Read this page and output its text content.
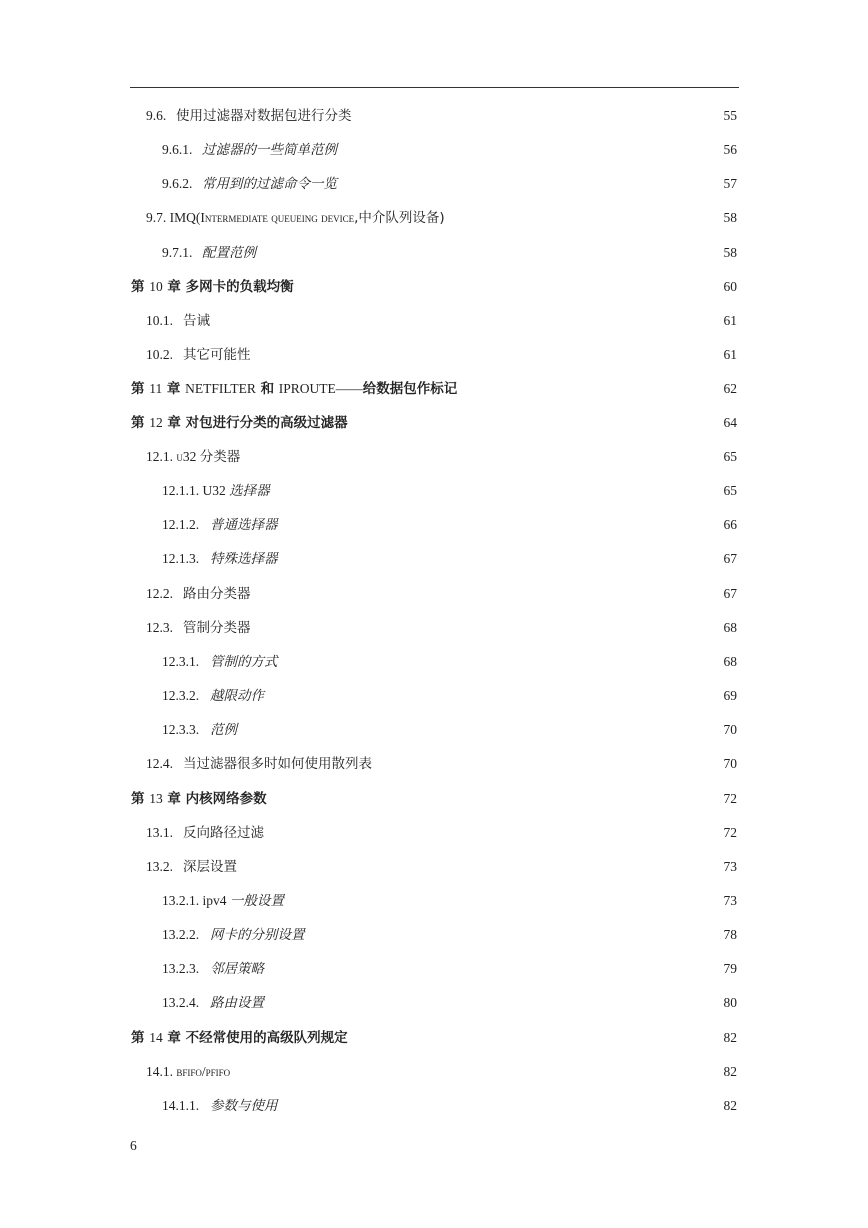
9.6. 使用过滤器对数据包进行分类	55
9.6.1. 过滤器的一些简单范例	56
9.6.2. 常用到的过滤命令一览	57
9.7. IMQ(Intermediate queueing device,中介队列设备)	58
9.7.1. 配置范例	58
第 10 章 多网卡的负载均衡	60
10.1. 告诫	61
10.2. 其它可能性	61
第 11 章 NETFILTER 和 IPROUTE——给数据包作标记	62
第 12 章 对包进行分类的高级过滤器	64
12.1. u32 分类器	65
12.1.1. U32 选择器	65
12.1.2. 普通选择器	66
12.1.3. 特殊选择器	67
12.2. 路由分类器	67
12.3. 管制分类器	68
12.3.1. 管制的方式	68
12.3.2. 越限动作	69
12.3.3. 范例	70
12.4. 当过滤器很多时如何使用散列表	70
第 13 章 内核网络参数	72
13.1. 反向路径过滤	72
13.2. 深层设置	73
13.2.1. ipv4 一般设置	73
13.2.2. 网卡的分别设置	78
13.2.3. 邻居策略	79
13.2.4. 路由设置	80
第 14 章 不经常使用的高级队列规定	82
14.1. bfifo/pfifo	82
14.1.1. 参数与使用	82
6
